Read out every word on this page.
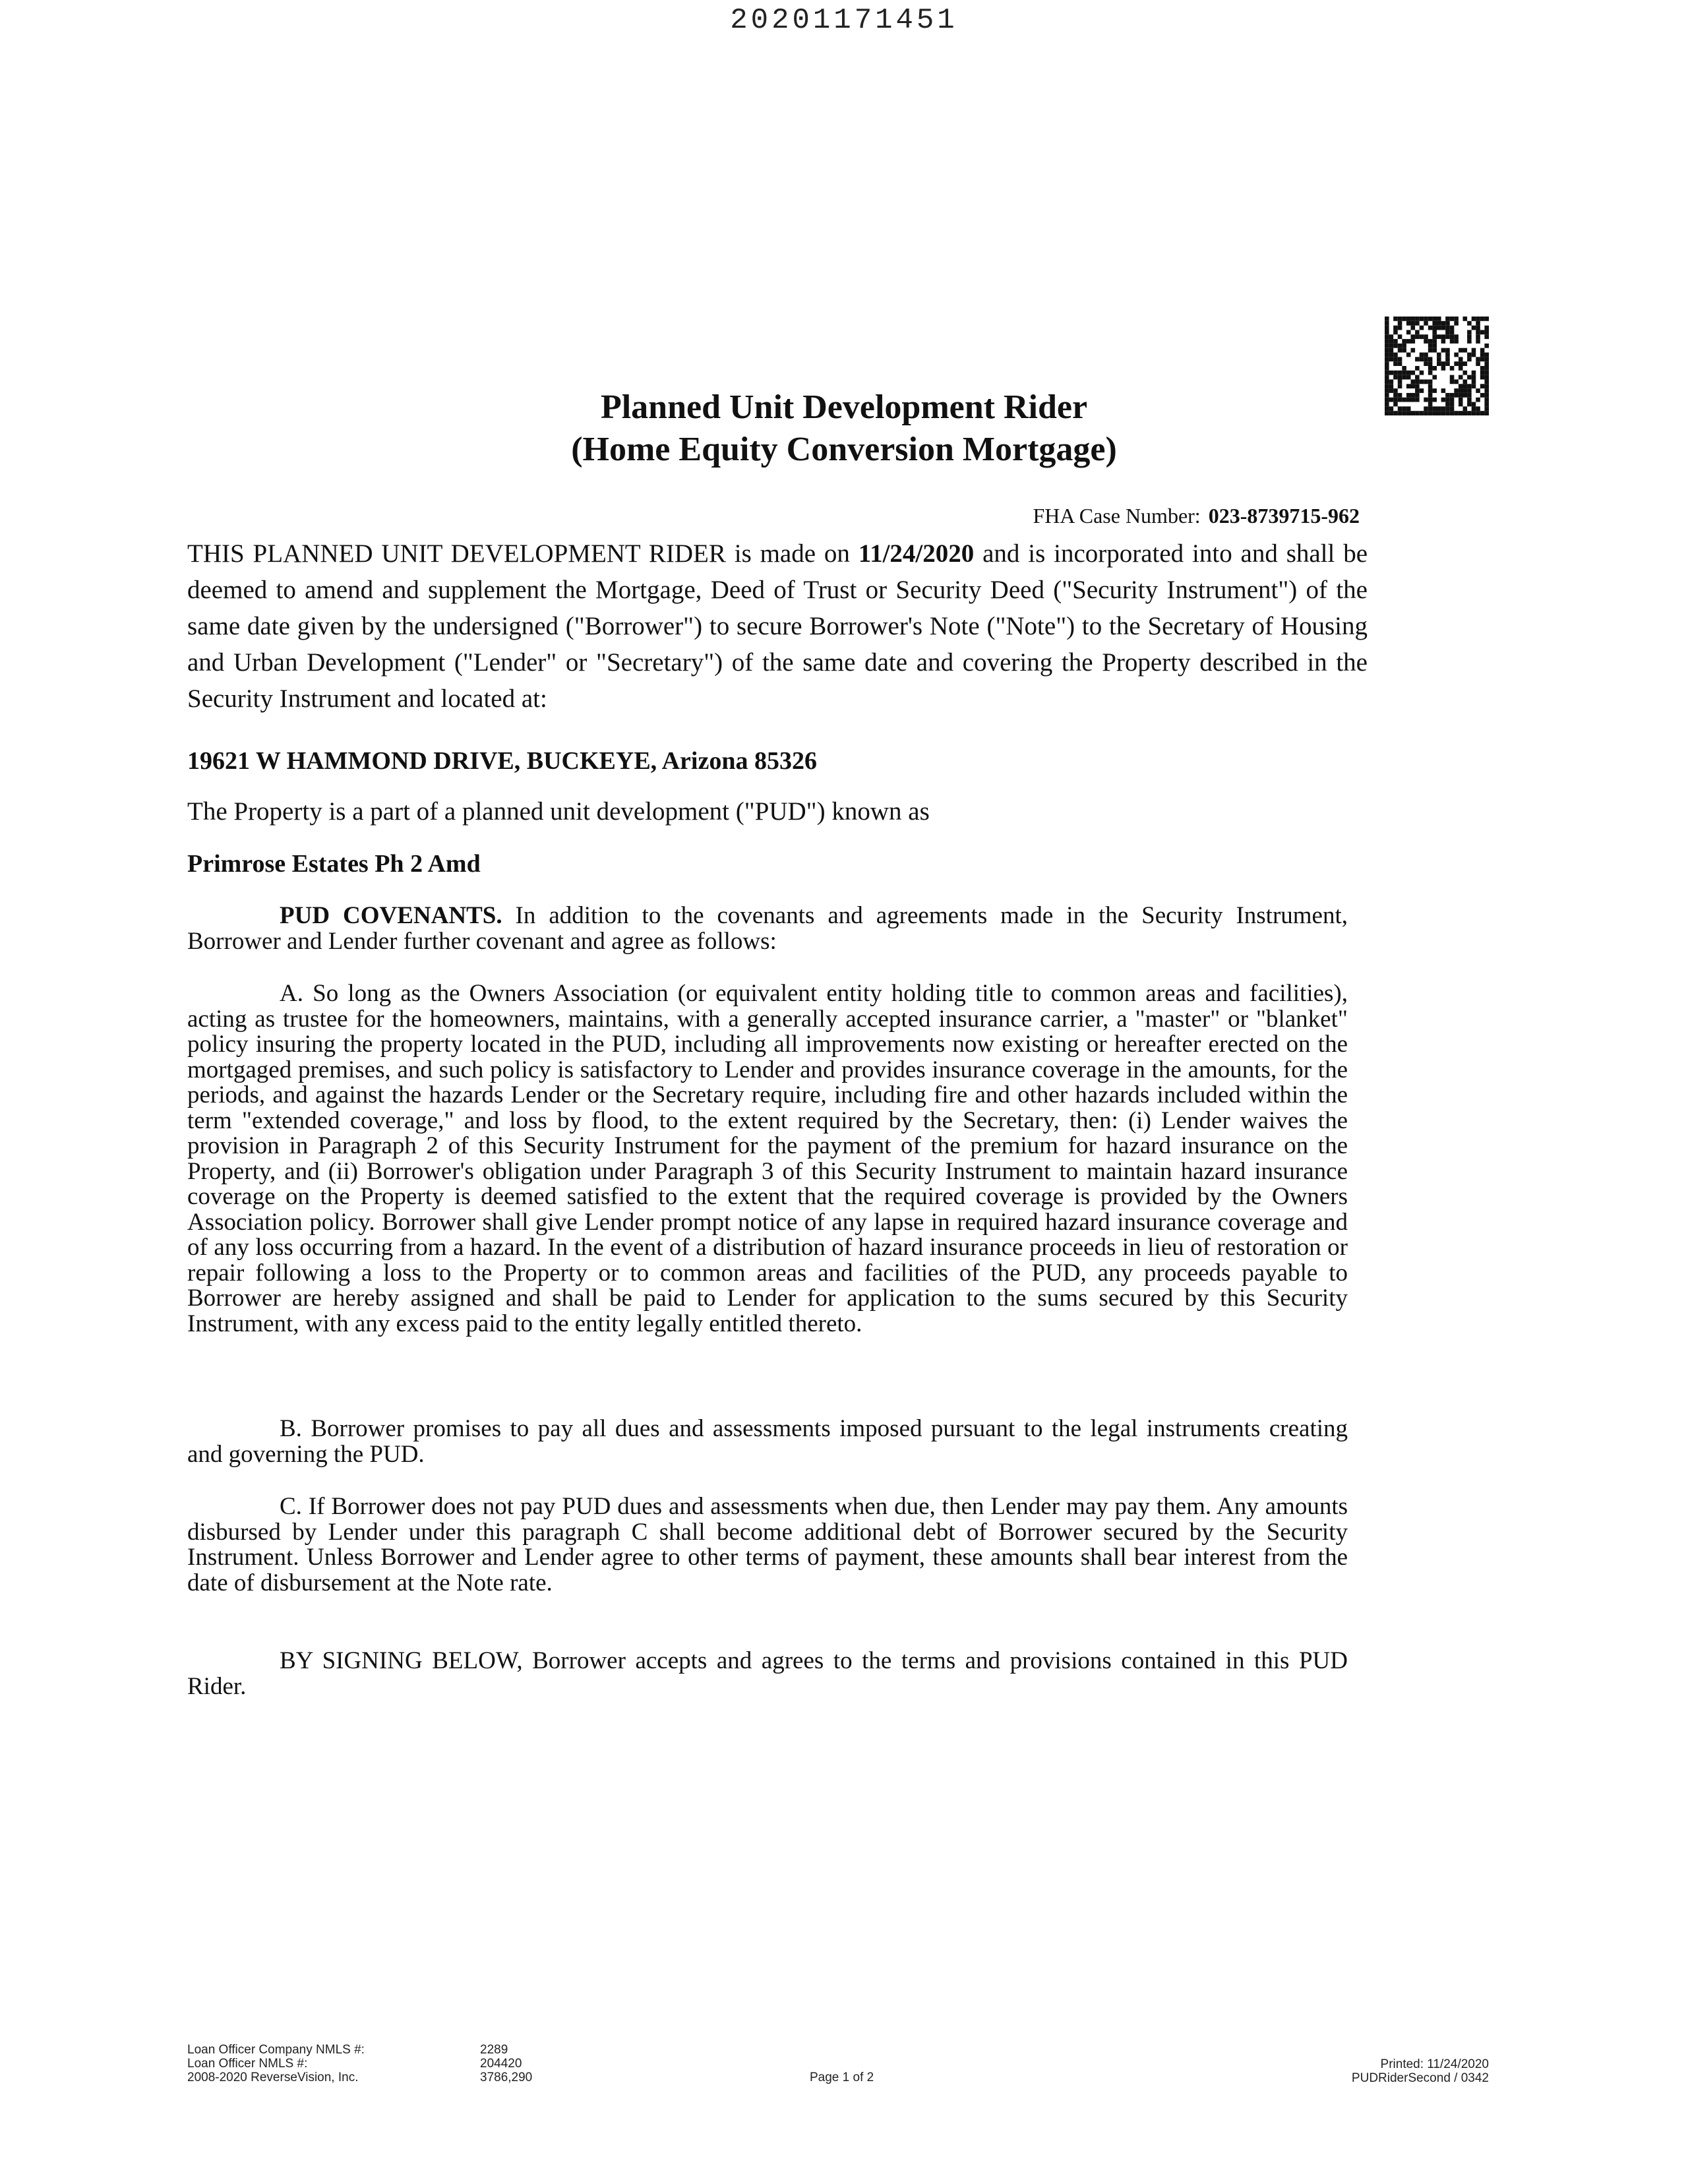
20201171451
Planned Unit Development Rider
(Home Equity Conversion Mortgage)
FHA Case Number: 023-8739715-962
THIS PLANNED UNIT DEVELOPMENT RIDER is made on 11/24/2020 and is incorporated into and shall be deemed to amend and supplement the Mortgage, Deed of Trust or Security Deed ("Security Instrument") of the same date given by the undersigned ("Borrower") to secure Borrower's Note ("Note") to the Secretary of Housing and Urban Development ("Lender" or "Secretary") of the same date and covering the Property described in the Security Instrument and located at:
19621 W HAMMOND DRIVE, BUCKEYE, Arizona 85326
The Property is a part of a planned unit development ("PUD") known as
Primrose Estates Ph 2 Amd
PUD COVENANTS. In addition to the covenants and agreements made in the Security Instrument, Borrower and Lender further covenant and agree as follows:
A. So long as the Owners Association (or equivalent entity holding title to common areas and facilities), acting as trustee for the homeowners, maintains, with a generally accepted insurance carrier, a "master" or "blanket" policy insuring the property located in the PUD, including all improvements now existing or hereafter erected on the mortgaged premises, and such policy is satisfactory to Lender and provides insurance coverage in the amounts, for the periods, and against the hazards Lender or the Secretary require, including fire and other hazards included within the term "extended coverage," and loss by flood, to the extent required by the Secretary, then: (i) Lender waives the provision in Paragraph 2 of this Security Instrument for the payment of the premium for hazard insurance on the Property, and (ii) Borrower's obligation under Paragraph 3 of this Security Instrument to maintain hazard insurance coverage on the Property is deemed satisfied to the extent that the required coverage is provided by the Owners Association policy. Borrower shall give Lender prompt notice of any lapse in required hazard insurance coverage and of any loss occurring from a hazard. In the event of a distribution of hazard insurance proceeds in lieu of restoration or repair following a loss to the Property or to common areas and facilities of the PUD, any proceeds payable to Borrower are hereby assigned and shall be paid to Lender for application to the sums secured by this Security Instrument, with any excess paid to the entity legally entitled thereto.
B. Borrower promises to pay all dues and assessments imposed pursuant to the legal instruments creating and governing the PUD.
C. If Borrower does not pay PUD dues and assessments when due, then Lender may pay them. Any amounts disbursed by Lender under this paragraph C shall become additional debt of Borrower secured by the Security Instrument. Unless Borrower and Lender agree to other terms of payment, these amounts shall bear interest from the date of disbursement at the Note rate.
BY SIGNING BELOW, Borrower accepts and agrees to the terms and provisions contained in this PUD Rider.
Loan Officer Company NMLS #:
Loan Officer NMLS #:
2008-2020 ReverseVision, Inc.
2289
204420
3786,290	Page 1 of 2
Printed: 11/24/2020
PUDRiderSecond / 0342
